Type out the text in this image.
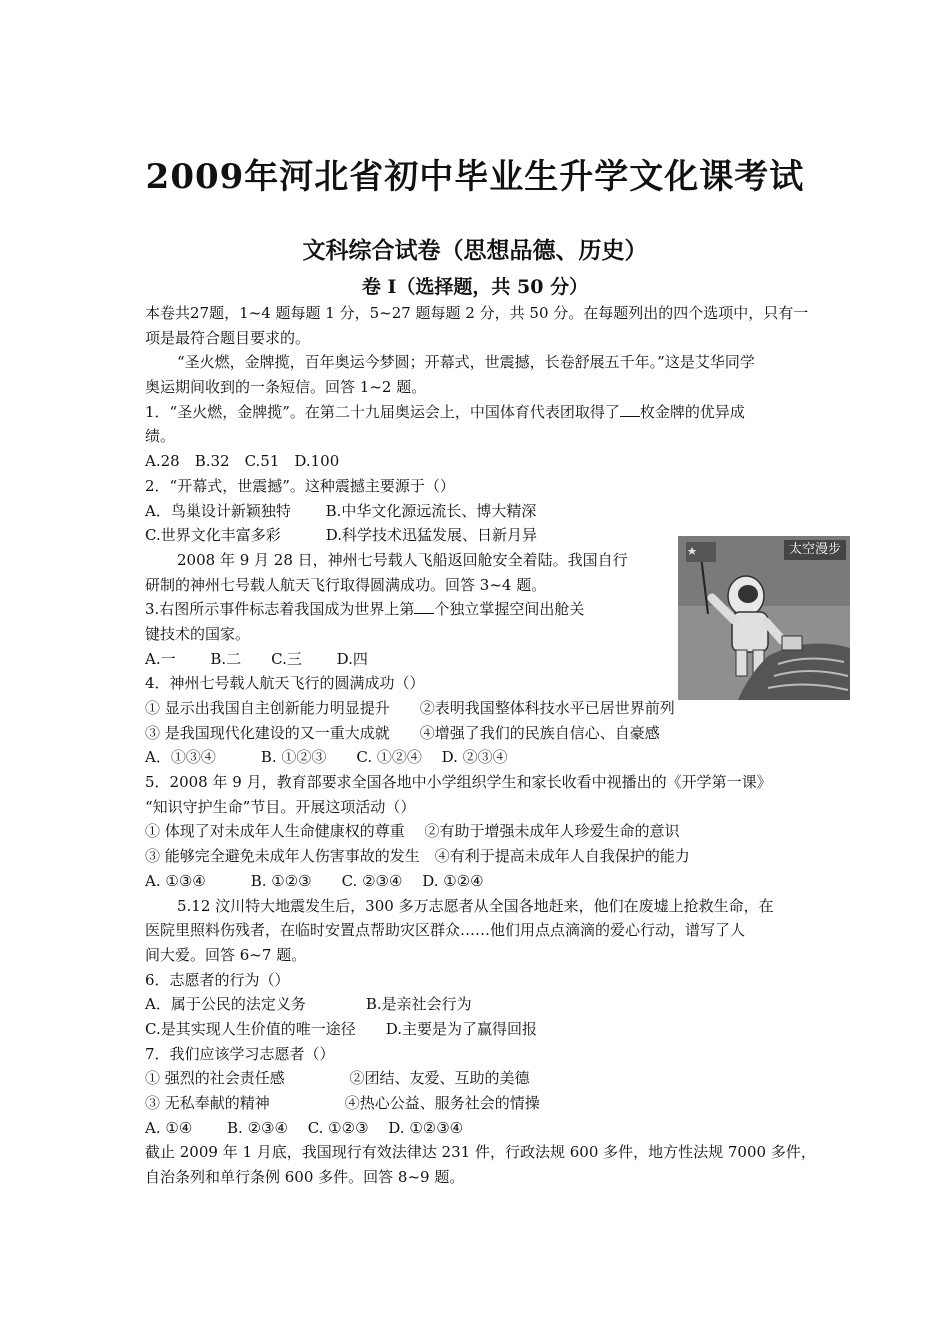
2009年河北省初中毕业生升学文化课考试
文科综合试卷（思想品德、历史）
卷 I（选择题，共 50 分）
本卷共27题，1~4 题每题 1 分，5~27 题每题 2 分，共 50 分。在每题列出的四个选项中，只有一
项是最符合题目要求的。
“圣火燃，金牌揽，百年奥运今梦圆；开幕式，世震撼，长卷舒展五千年。”这是艾华同学
奥运期间收到的一条短信。回答 1~2 题。
1．“圣火燃，金牌揽”。在第二十九届奥运会上，中国体育代表团取得了 枚金牌的优异成
绩。
A.28　B.32　C.51　D.100
2．“开幕式，世震撼”。这种震撼主要源于（）
A．鸟巢设计新颖独特　　 B.中华文化源远流长、博大精深
C.世界文化丰富多彩　　　D.科学技术迅猛发展、日新月异
2008 年 9 月 28 日，神州七号载人飞船返回舱安全着陆。我国自行
研制的神州七号载人航天飞行取得圆满成功。回答 3~4 题。
3.右图所示事件标志着我国成为世界上第 个独立掌握空间出舱关
键技术的国家。
A.一　　 B.二　　C.三　　 D.四
4．神州七号载人航天飞行的圆满成功（）
① 显示出我国自主创新能力明显提升　　②表明我国整体科技水平已居世界前列
③ 是我国现代化建设的又一重大成就　　④增强了我们的民族自信心、自豪感
A．①③④　　　B. ①②③　　C. ①②④　 D. ②③④
5．2008 年 9 月，教育部要求全国各地中小学组织学生和家长收看中视播出的《开学第一课》
“知识守护生命”节目。开展这项活动（）
① 体现了对未成年人生命健康权的尊重　 ②有助于增强未成年人珍爱生命的意识
③ 能够完全避免未成年人伤害事故的发生　④有利于提高未成年人自我保护的能力
A. ①③④　　　B. ①②③　　C. ②③④　 D. ①②④
5.12 汶川特大地震发生后，300 多万志愿者从全国各地赶来，他们在废墟上抢救生命，在
医院里照料伤残者，在临时安置点帮助灾区群众……他们用点点滴滴的爱心行动，谱写了人
间大爱。回答 6~7 题。
6．志愿者的行为（）
A．属于公民的法定义务　　　　B.是亲社会行为
C.是其实现人生价值的唯一途径　　D.主要是为了赢得回报
7．我们应该学习志愿者（）
① 强烈的社会责任感　　　　 ②团结、友爱、互助的美德
③ 无私奉献的精神　　　　　④热心公益、服务社会的情操
A. ①④　　 B. ②③④　 C. ①②③　 D. ①②③④
截止 2009 年 1 月底，我国现行有效法律达 231 件，行政法规 600 多件，地方性法规 7000 多件，
自治条列和单行条例 600 多件。回答 8~9 题。
太空漫步
